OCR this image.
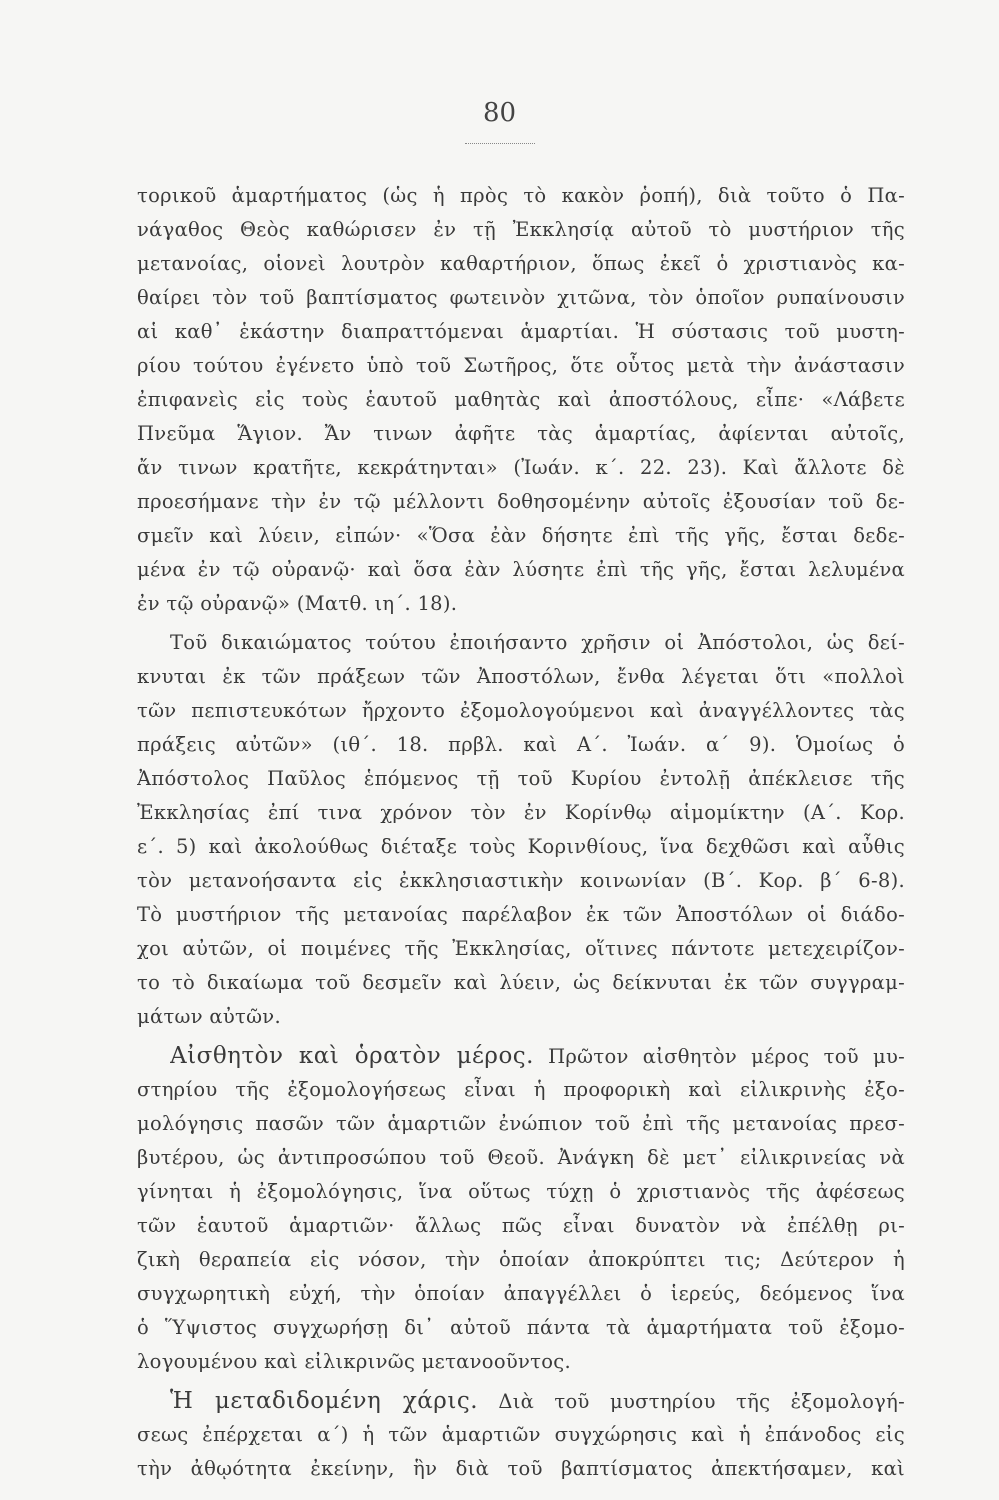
80
τορικοῦ ἁμαρτήματος (ὡς ἡ πρὸς τὸ κακὸν ῥοπή), διὰ τοῦτο ὁ Πα-
νάγαθος Θεὸς καθώρισεν ἐν τῇ Ἐκκλησίᾳ αὐτοῦ τὸ μυστήριον τῆς
μετανοίας, οἱονεὶ λουτρὸν καθαρτήριον, ὅπως ἐκεῖ ὁ χριστιανὸς κα-
θαίρει τὸν τοῦ βαπτίσματος φωτεινὸν χιτῶνα, τὸν ὁποῖον ρυπαίνουσιν
αἱ καθ᾽ ἑκάστην διαπραττόμεναι ἁμαρτίαι. Ἡ σύστασις τοῦ μυστη-
ρίου τούτου ἐγένετο ὑπὸ τοῦ Σωτῆρος, ὅτε οὗτος μετὰ τὴν ἀνάστασιν
ἐπιφανεὶς εἰς τοὺς ἑαυτοῦ μαθητὰς καὶ ἀποστόλους, εἶπε· «Λάβετε
Πνεῦμα Ἅγιον. Ἄν τινων ἀφῆτε τὰς ἁμαρτίας, ἀφίενται αὐτοῖς,
ἄν τινων κρατῆτε, κεκράτηνται» (Ἰωάν. κ΄. 22. 23). Καὶ ἄλλοτε δὲ
προεσήμανε τὴν ἐν τῷ μέλλοντι δοθησομένην αὐτοῖς ἐξουσίαν τοῦ δε-
σμεῖν καὶ λύειν, εἰπών· «Ὅσα ἐὰν δήσητε ἐπὶ τῆς γῆς, ἔσται δεδε-
μένα ἐν τῷ οὐρανῷ· καὶ ὅσα ἐὰν λύσητε ἐπὶ τῆς γῆς, ἔσται λελυμένα
ἐν τῷ οὐρανῷ» (Ματθ. ιη΄. 18).
Τοῦ δικαιώματος τούτου ἐποιήσαντο χρῆσιν οἱ Ἀπόστολοι, ὡς δεί-
κνυται ἐκ τῶν πράξεων τῶν Ἀποστόλων, ἔνθα λέγεται ὅτι «πολλοὶ
τῶν πεπιστευκότων ἤρχοντο ἐξομολογούμενοι καὶ ἀναγγέλλοντες τὰς
πράξεις αὐτῶν» (ιθ΄. 18. πρβλ. καὶ Α΄. Ἰωάν. α΄ 9). Ὁμοίως ὁ
Ἀπόστολος Παῦλος ἑπόμενος τῇ τοῦ Κυρίου ἐντολῇ ἀπέκλεισε τῆς
Ἐκκλησίας ἐπί τινα χρόνον τὸν ἐν Κορίνθῳ αἱμομίκτην (Α΄. Κορ.
ε΄. 5) καὶ ἀκολούθως διέταξε τοὺς Κορινθίους, ἵνα δεχθῶσι καὶ αὖθις
τὸν μετανοήσαντα εἰς ἐκκλησιαστικὴν κοινωνίαν (Β΄. Κορ. β΄ 6-8).
Τὸ μυστήριον τῆς μετανοίας παρέλαβον ἐκ τῶν Ἀποστόλων οἱ διάδο-
χοι αὐτῶν, οἱ ποιμένες τῆς Ἐκκλησίας, οἵτινες πάντοτε μετεχειρίζον-
το τὸ δικαίωμα τοῦ δεσμεῖν καὶ λύειν, ὡς δείκνυται ἐκ τῶν συγγραμ-
μάτων αὐτῶν.
Αἰσθητὸν καὶ ὁρατὸν μέρος. Πρῶτον αἰσθητὸν μέρος τοῦ μυ-
στηρίου τῆς ἐξομολογήσεως εἶναι ἡ προφορικὴ καὶ εἰλικρινὴς ἐξο-
μολόγησις πασῶν τῶν ἁμαρτιῶν ἐνώπιον τοῦ ἐπὶ τῆς μετανοίας πρεσ-
βυτέρου, ὡς ἀντιπροσώπου τοῦ Θεοῦ. Ἀνάγκη δὲ μετ᾽ εἰλικρινείας νὰ
γίνηται ἡ ἐξομολόγησις, ἵνα οὕτως τύχῃ ὁ χριστιανὸς τῆς ἀφέσεως
τῶν ἑαυτοῦ ἁμαρτιῶν· ἄλλως πῶς εἶναι δυνατὸν νὰ ἐπέλθῃ ρι-
ζικὴ θεραπεία εἰς νόσον, τὴν ὁποίαν ἀποκρύπτει τις; Δεύτερον ἡ
συγχωρητικὴ εὐχή, τὴν ὁποίαν ἀπαγγέλλει ὁ ἱερεύς, δεόμενος ἵνα
ὁ Ὕψιστος συγχωρήσῃ δι᾽ αὐτοῦ πάντα τὰ ἁμαρτήματα τοῦ ἐξομο-
λογουμένου καὶ εἰλικρινῶς μετανοοῦντος.
Ἡ μεταδιδομένη χάρις. Διὰ τοῦ μυστηρίου τῆς ἐξομολογή-
σεως ἐπέρχεται α΄) ἡ τῶν ἁμαρτιῶν συγχώρησις καὶ ἡ ἐπάνοδος εἰς
τὴν ἀθῳότητα ἐκείνην, ἣν διὰ τοῦ βαπτίσματος ἀπεκτήσαμεν, καὶ
